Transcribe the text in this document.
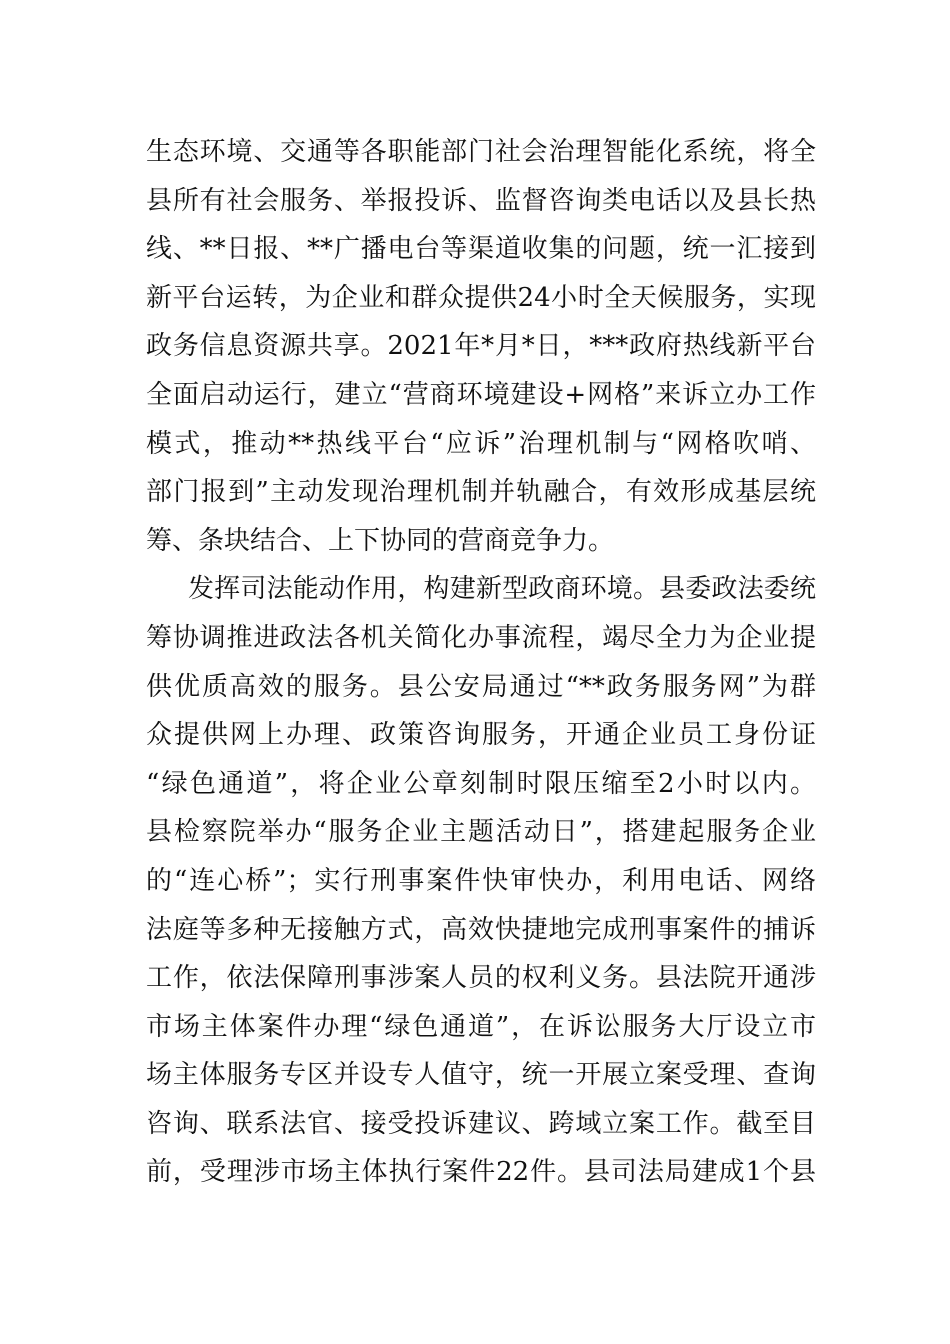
生态环境、交通等各职能部门社会治理智能化系统，将全
县所有社会服务、举报投诉、监督咨询类电话以及县长热
线、**日报、**广播电台等渠道收集的问题，统一汇接到
新平台运转，为企业和群众提供24小时全天候服务，实现
政务信息资源共享。2021年*月*日，***政府热线新平台
全面启动运行，建立“营商环境建设+网格”来诉立办工作
模式，推动**热线平台“应诉”治理机制与“网格吹哨、
部门报到”主动发现治理机制并轨融合，有效形成基层统
筹、条块结合、上下协同的营商竞争力。

发挥司法能动作用，构建新型政商环境。县委政法委统
筹协调推进政法各机关简化办事流程，竭尽全力为企业提
供优质高效的服务。县公安局通过“**政务服务网”为群
众提供网上办理、政策咨询服务，开通企业员工身份证
“绿色通道”，将企业公章刻制时限压缩至2小时以内。
县检察院举办“服务企业主题活动日”，搭建起服务企业
的“连心桥”；实行刑事案件快审快办，利用电话、网络
法庭等多种无接触方式，高效快捷地完成刑事案件的捕诉
工作，依法保障刑事涉案人员的权利义务。县法院开通涉
市场主体案件办理“绿色通道”，在诉讼服务大厅设立市
场主体服务专区并设专人值守，统一开展立案受理、查询
咨询、联系法官、接受投诉建议、跨域立案工作。截至目
前，受理涉市场主体执行案件22件。县司法局建成1个县
